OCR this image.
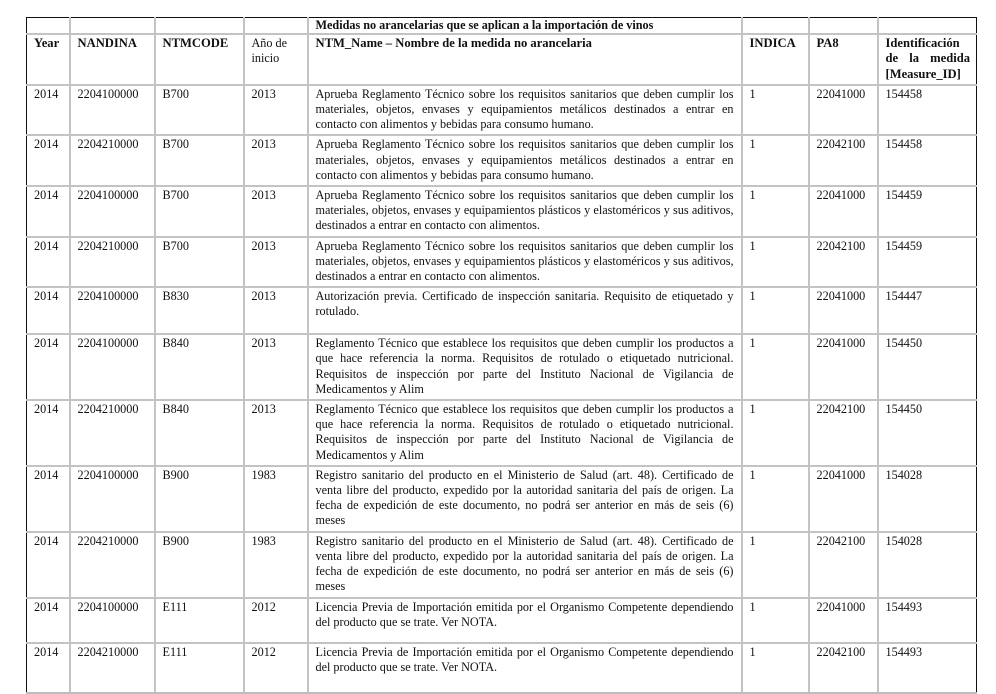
				Medidas no arancelarias que se aplican a la importación de vinos			
Year	NANDINA	NTMCODE	Año de inicio	NTM_Name – Nombre de la medida no arancelaria	INDICA	PA8	Identificación de la medida [Measure_ID]
2014	2204100000	B700	2013	Aprueba Reglamento Técnico sobre los requisitos sanitarios que deben cumplir los materiales, objetos, envases y equipamientos metálicos destinados a entrar en contacto con alimentos y bebidas para consumo humano.	1	22041000	154458
2014	2204210000	B700	2013	Aprueba Reglamento Técnico sobre los requisitos sanitarios que deben cumplir los materiales, objetos, envases y equipamientos metálicos destinados a entrar en contacto con alimentos y bebidas para consumo humano.	1	22042100	154458
2014	2204100000	B700	2013	Aprueba Reglamento Técnico sobre los requisitos sanitarios que deben cumplir los materiales, objetos, envases y equipamientos plásticos y elastoméricos y sus aditivos, destinados a entrar en contacto con alimentos.	1	22041000	154459
2014	2204210000	B700	2013	Aprueba Reglamento Técnico sobre los requisitos sanitarios que deben cumplir los materiales, objetos, envases y equipamientos plásticos y elastoméricos y sus aditivos, destinados a entrar en contacto con alimentos.	1	22042100	154459
2014	2204100000	B830	2013	Autorización previa. Certificado de inspección sanitaria. Requisito de etiquetado y rotulado.	1	22041000	154447
2014	2204100000	B840	2013	Reglamento Técnico que establece los requisitos que deben cumplir los productos a que hace referencia la norma. Requisitos de rotulado o etiquetado nutricional. Requisitos de inspección por parte del Instituto Nacional de Vigilancia de Medicamentos y Alim	1	22041000	154450
2014	2204210000	B840	2013	Reglamento Técnico que establece los requisitos que deben cumplir los productos a que hace referencia la norma. Requisitos de rotulado o etiquetado nutricional. Requisitos de inspección por parte del Instituto Nacional de Vigilancia de Medicamentos y Alim	1	22042100	154450
2014	2204100000	B900	1983	Registro sanitario del producto en el Ministerio de Salud (art. 48). Certificado de venta libre del producto, expedido por la autoridad sanitaria del país de origen. La fecha de expedición de este documento, no podrá ser anterior en más de seis (6) meses	1	22041000	154028
2014	2204210000	B900	1983	Registro sanitario del producto en el Ministerio de Salud (art. 48). Certificado de venta libre del producto, expedido por la autoridad sanitaria del país de origen. La fecha de expedición de este documento, no podrá ser anterior en más de seis (6) meses	1	22042100	154028
2014	2204100000	E111	2012	Licencia Previa de Importación emitida por el Organismo Competente dependiendo del producto que se trate. Ver NOTA.	1	22041000	154493
2014	2204210000	E111	2012	Licencia Previa de Importación emitida por el Organismo Competente dependiendo del producto que se trate. Ver NOTA.	1	22042100	154493
